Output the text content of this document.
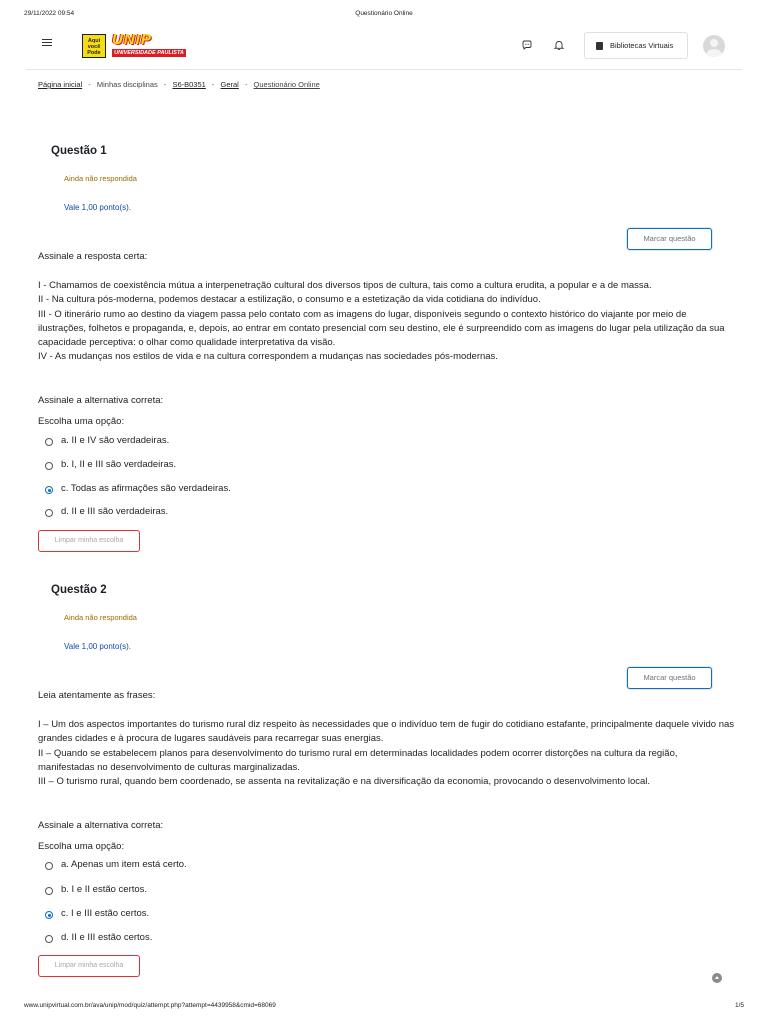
29/11/2022 09:54	Questionário Online
Aqui você Pode
UNIP
UNIVERSIDADE PAULISTA
Bibliotecas Virtuais
Página inicial - Minhas disciplinas - S6-B0351 - Geral - Questionário Online
Questão 1
Ainda não respondida
Vale 1,00 ponto(s).
Marcar questão
Assinale a resposta certa:
I - Chamamos de coexistência mútua a interpenetração cultural dos diversos tipos de cultura, tais como a cultura erudita, a popular e a de massa.
II - Na cultura pós-moderna, podemos destacar a estilização, o consumo e a estetização da vida cotidiana do indivíduo.
III - O itinerário rumo ao destino da viagem passa pelo contato com as imagens do lugar, disponíveis segundo o contexto histórico do viajante por meio de ilustrações, folhetos e propaganda, e, depois, ao entrar em contato presencial com seu destino, ele é surpreendido com as imagens do lugar pela utilização da sua capacidade perceptiva: o olhar como qualidade interpretativa da visão.
IV - As mudanças nos estilos de vida e na cultura correspondem a mudanças nas sociedades pós-modernas.
Assinale a alternativa correta:
Escolha uma opção:
a. II e IV são verdadeiras.
b. I, II e III são verdadeiras.
c. Todas as afirmações são verdadeiras.
d. II e III são verdadeiras.
Limpar minha escolha
Questão 2
Ainda não respondida
Vale 1,00 ponto(s).
Marcar questão
Leia atentamente as frases:
I – Um dos aspectos importantes do turismo rural diz respeito às necessidades que o indivíduo tem de fugir do cotidiano estafante, principalmente daquele vivido nas grandes cidades e à procura de lugares saudáveis para recarregar suas energias.
II – Quando se estabelecem planos para desenvolvimento do turismo rural em determinadas localidades podem ocorrer distorções na cultura da região, manifestadas no desenvolvimento de culturas marginalizadas.
III – O turismo rural, quando bem coordenado, se assenta na revitalização e na diversificação da economia, provocando o desenvolvimento local.
Assinale a alternativa correta:
Escolha uma opção:
a. Apenas um item está certo.
b. I e II estão certos.
c. I e III estão certos.
d. II e III estão certos.
Limpar minha escolha
www.unipvirtual.com.br/ava/unip/mod/quiz/attempt.php?attempt=4439958&cmid=68069	1/5
